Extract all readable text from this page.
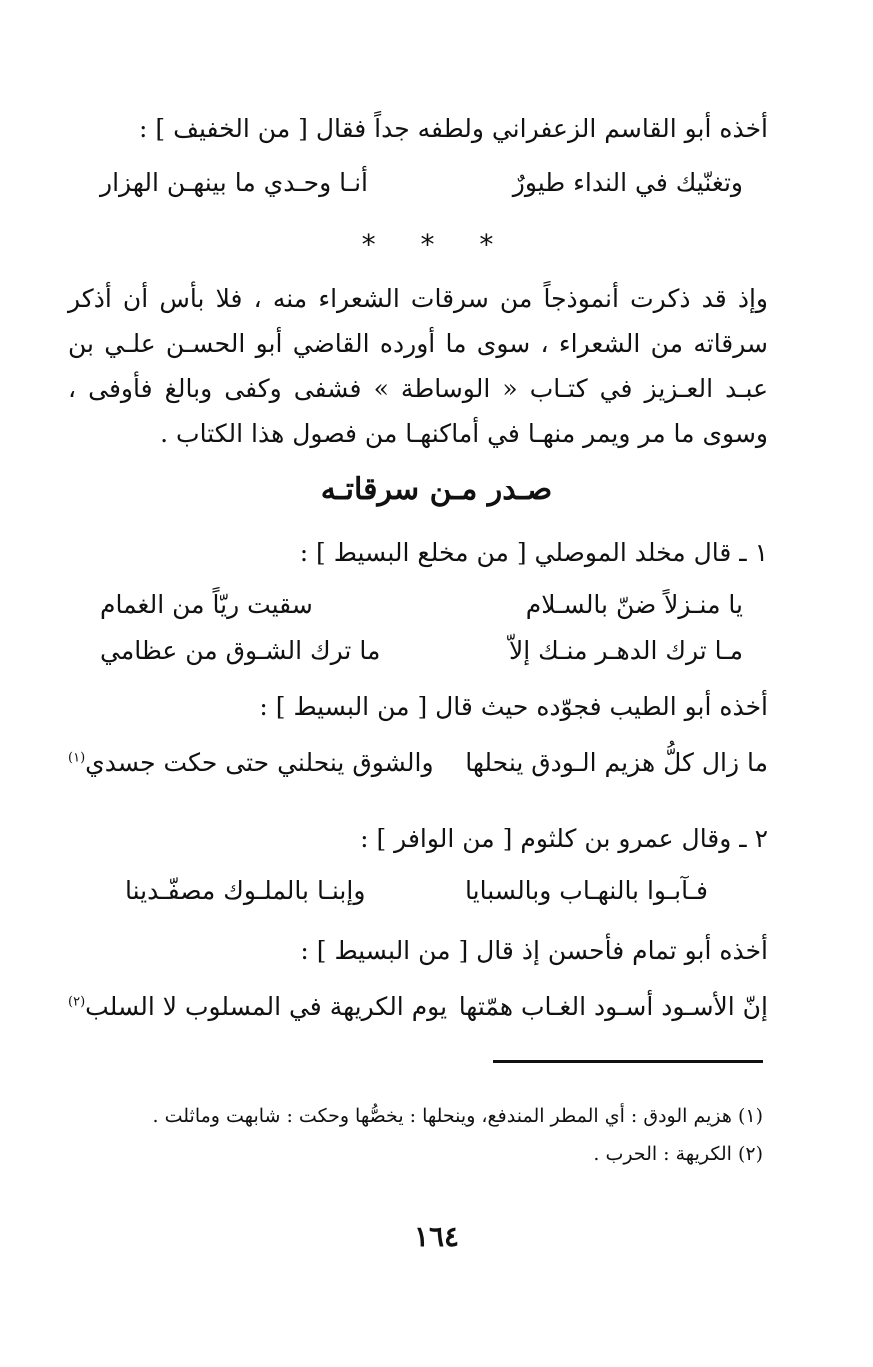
أخذه أبو القاسم الزعفراني ولطفه جداً فقال [ من الخفيف ] :
وتغنّيك في النداء طيورٌ
أنـا وحـدي ما بينهـن الهزار
* * *
وإذ قد ذكرت أنموذجاً من سرقات الشعراء منه ، فلا بأس أن أذكر سرقاته من الشعراء ، سوى ما أورده القاضي أبو الحسـن علـي بن عبـد العـزيز في كتـاب « الوساطة » فشفى وكفى وبالغ فأوفى ، وسوى ما مر ويمر منهـا في أماكنهـا من فصول هذا الكتاب .
صـدر مـن سرقاتـه
١ ـ قال مخلد الموصلي [ من مخلع البسيط ] :
يا منـزلاً ضنّ بالسـلام
سقيت ريّاً من الغمام
مـا ترك الدهـر منـك إلاّ
ما ترك الشـوق من عظامي
أخذه أبو الطيب فجوّده حيث قال [ من البسيط ] :
ما زال كلُّ هزيم الـودق ينحلها
والشوق ينحلني حتى حكت جسدي$^{(١)}$
٢ ـ وقال عمرو بن كلثوم [ من الوافر ] :
فـآبـوا بالنهـاب وبالسبايا
وإبنـا بالملـوك مصفّـدينا
أخذه أبو تمام فأحسن إذ قال [ من البسيط ] :
إنّ الأسـود أسـود الغـاب همّتها
يوم الكريهة في المسلوب لا السلب$^{(٢)}$
(١) هزيم الودق : أي المطر المندفع، وينحلها : يخصُّها وحكت : شابهت وماثلت .
(٢) الكريهة : الحرب .
١٦٤
